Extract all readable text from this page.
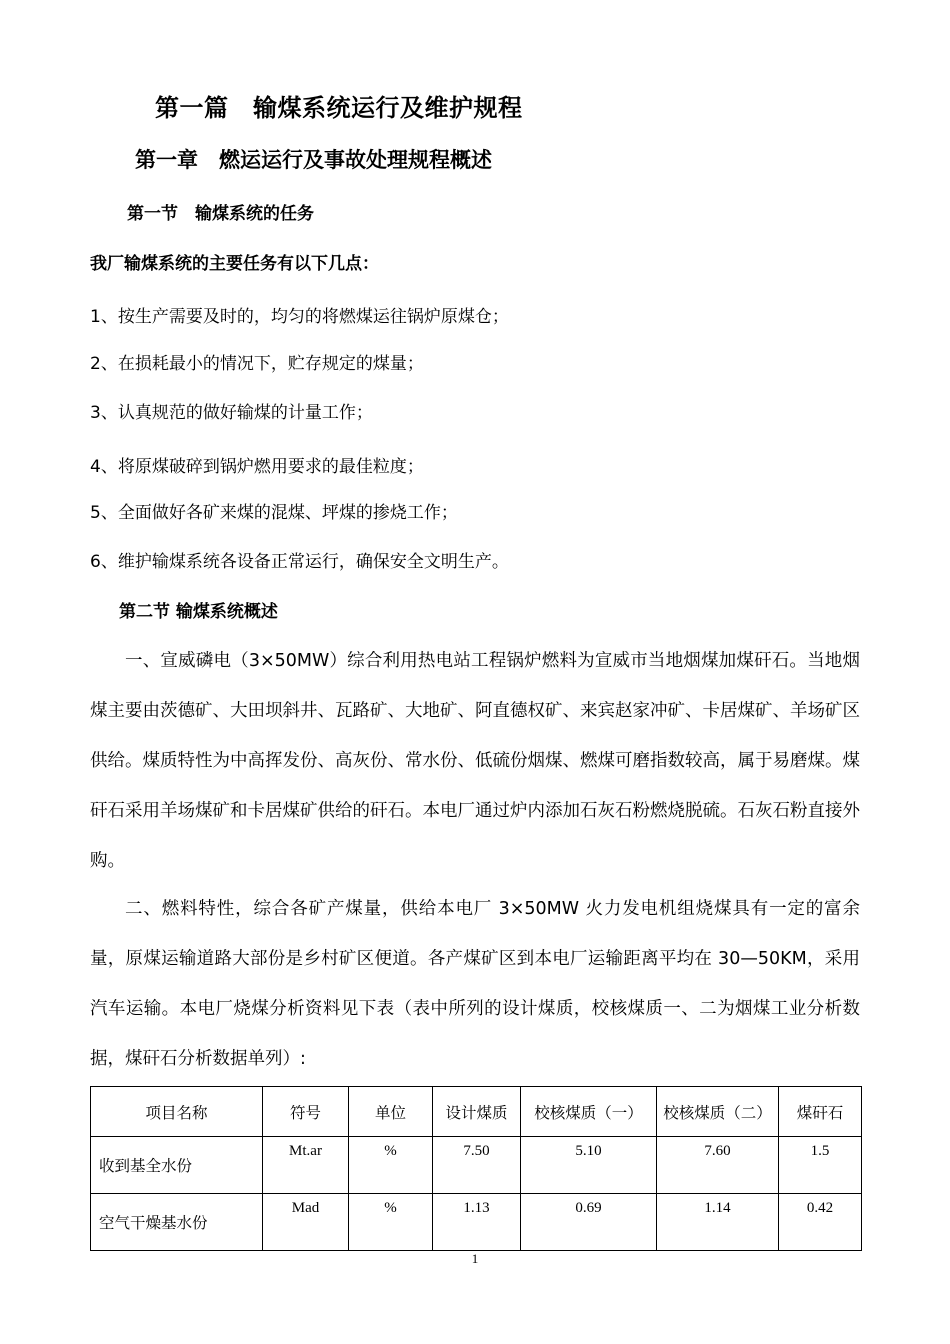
第一篇　输煤系统运行及维护规程
第一章　燃运运行及事故处理规程概述
第一节　输煤系统的任务
我厂输煤系统的主要任务有以下几点：
1、按生产需要及时的，均匀的将燃煤运往锅炉原煤仓；
2、在损耗最小的情况下，贮存规定的煤量；
3、认真规范的做好输煤的计量工作；
4、将原煤破碎到锅炉燃用要求的最佳粒度；
5、全面做好各矿来煤的混煤、坪煤的掺烧工作；
6、维护输煤系统各设备正常运行，确保安全文明生产。
第二节 输煤系统概述
一、宣威磷电（3×50MW）综合利用热电站工程锅炉燃料为宣威市当地烟煤加煤矸石。当地烟煤主要由茨德矿、大田坝斜井、瓦路矿、大地矿、阿直德权矿、来宾赵家冲矿、卡居煤矿、羊场矿区供给。煤质特性为中高挥发份、高灰份、常水份、低硫份烟煤、燃煤可磨指数较高，属于易磨煤。煤矸石采用羊场煤矿和卡居煤矿供给的矸石。本电厂通过炉内添加石灰石粉燃烧脱硫。石灰石粉直接外购。
二、燃料特性，综合各矿产煤量，供给本电厂 3×50MW 火力发电机组烧煤具有一定的富余量，原煤运输道路大部份是乡村矿区便道。各产煤矿区到本电厂运输距离平均在 30—50KM，采用汽车运输。本电厂烧煤分析资料见下表（表中所列的设计煤质，校核煤质一、二为烟煤工业分析数据，煤矸石分析数据单列）:
项目名称	符号	单位	设计煤质	校核煤质（一）	校核煤质（二）	煤矸石
收到基全水份	Mt.ar	%	7.50	5.10	7.60	1.5
空气干燥基水份	Mad	%	1.13	0.69	1.14	0.42
1
